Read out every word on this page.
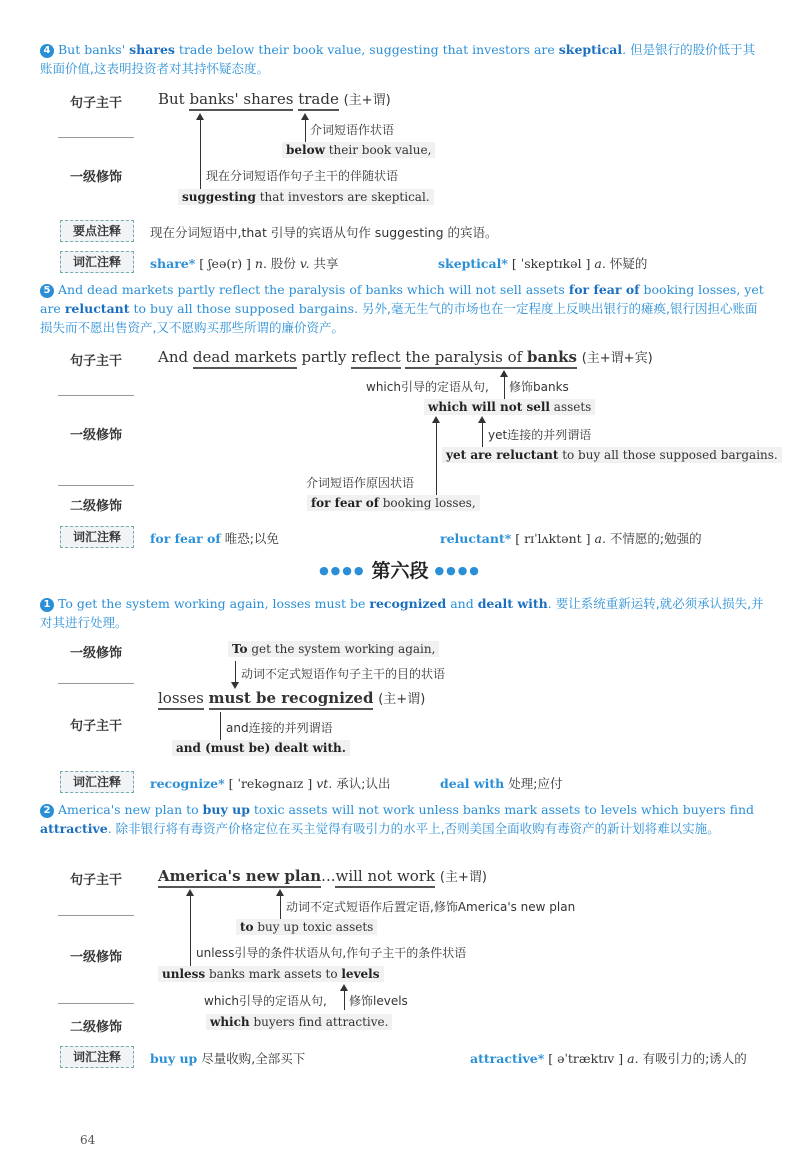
4 But banks' shares trade below their book value, suggesting that investors are skeptical. 但是银行的股价低于其账面价值,这表明投资者对其持怀疑态度。
句子主干
一级修饰
But banks' shares trade (主+谓)
介词短语作状语
below their book value,
现在分词短语作句子主干的伴随状语
suggesting that investors are skeptical.
要点注释	现在分词短语中,that 引导的宾语从句作 suggesting 的宾语。
词汇注释	share* [ ʃeə(r) ] n. 股份 v. 共享	skeptical* [ ˈskeptɪkəl ] a. 怀疑的
5 And dead markets partly reflect the paralysis of banks which will not sell assets for fear of booking losses, yet are reluctant to buy all those supposed bargains. 另外,毫无生气的市场也在一定程度上反映出银行的瘫痪,银行因担心账面损失而不愿出售资产,又不愿购买那些所谓的廉价资产。
句子主干
一级修饰
二级修饰
And dead markets partly reflect the paralysis of banks (主+谓+宾)
which引导的定语从句, 修饰banks
which will not sell assets
yet连接的并列谓语
yet are reluctant to buy all those supposed bargains.
介词短语作原因状语
for fear of booking losses,
词汇注释	for fear of 唯恐;以免	reluctant* [ rɪˈlʌktənt ] a. 不情愿的;勉强的
●●●● 第六段 ●●●●
1 To get the system working again, losses must be recognized and dealt with. 要让系统重新运转,就必须承认损失,并对其进行处理。
一级修饰
句子主干
To get the system working again,
动词不定式短语作句子主干的目的状语
losses must be recognized (主+谓)
and连接的并列谓语
and (must be) dealt with.
词汇注释	recognize* [ ˈrekəgnaɪz ] vt. 承认;认出	deal with 处理;应付
2 America's new plan to buy up toxic assets will not work unless banks mark assets to levels which buyers find attractive. 除非银行将有毒资产价格定位在买主觉得有吸引力的水平上,否则美国全面收购有毒资产的新计划将难以实施。
句子主干
一级修饰
二级修饰
America's new plan...will not work (主+谓)
动词不定式短语作后置定语,修饰America's new plan
to buy up toxic assets
unless引导的条件状语从句,作句子主干的条件状语
unless banks mark assets to levels
which引导的定语从句, 修饰levels
which buyers find attractive.
词汇注释	buy up 尽量收购,全部买下	attractive* [ əˈtræktɪv ] a. 有吸引力的;诱人的
64
